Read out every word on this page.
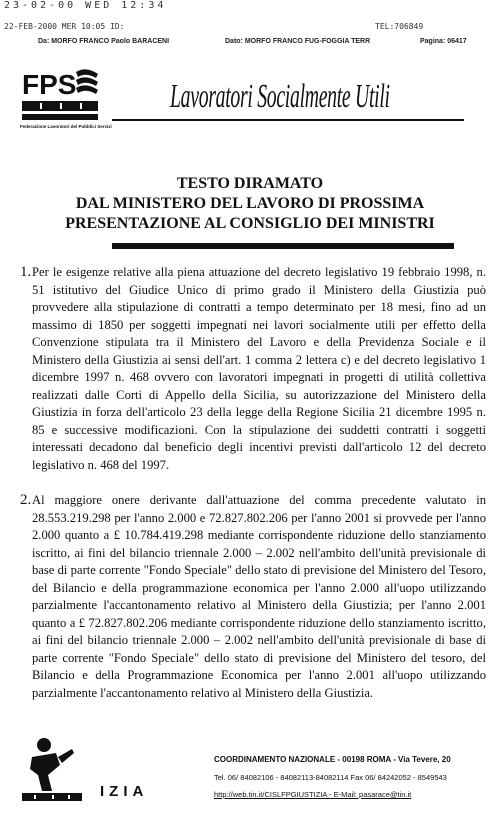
23-02-00 WED 12:34
22-FEB-2000 MER 10:05 ID:	TEL:706849
Da: MORFO FRANCO Paolo BARACENI	Dato: MORFO FRANCO FUG-FOGGIA TERR	Pagina: 06417
FPS
Federazione Lavoratori del Pubblici Servizi
Lavoratori Socialmente Utili
TESTO DIRAMATO
DAL MINISTERO DEL LAVORO DI PROSSIMA
PRESENTAZIONE AL CONSIGLIO DEI MINISTRI
1. Per le esigenze relative alla piena attuazione del decreto legislativo 19 febbraio 1998, n. 51 istitutivo del Giudice Unico di primo grado il Ministero della Giustizia può provvedere alla stipulazione di contratti a tempo determinato per 18 mesi, fino ad un massimo di 1850 per soggetti impegnati nei lavori socialmente utili per effetto della Convenzione stipulata tra il Ministero del Lavoro e della Previdenza Sociale e il Ministero della Giustizia ai sensi dell'art. 1 comma 2 lettera c) e del decreto legislativo 1 dicembre 1997 n. 468 ovvero con lavoratori impegnati in progetti di utilità collettiva realizzati dalle Corti di Appello della Sicilia, su autorizzazione del Ministero della Giustizia in forza dell'articolo 23 della legge della Regione Sicilia 21 dicembre 1995 n. 85 e successive modificazioni. Con la stipulazione dei suddetti contratti i soggetti interessati decadono dal beneficio degli incentivi previsti dall'articolo 12 del decreto legislativo n. 468 del 1997.
2. Al maggiore onere derivante dall'attuazione del comma precedente valutato in 28.553.219.298 per l'anno 2.000 e 72.827.802.206 per l'anno 2001 si provvede per l'anno 2.000 quanto a £ 10.784.419.298 mediante corrispondente riduzione dello stanziamento iscritto, ai fini del bilancio triennale 2.000 – 2.002 nell'ambito dell'unità previsionale di base di parte corrente "Fondo Speciale" dello stato di previsione del Ministero del Tesoro, del Bilancio e della programmazione economica per l'anno 2.000 all'uopo utilizzando parzialmente l'accantonamento relativo al Ministero della Giustizia; per l'anno 2.001 quanto a £ 72.827.802.206 mediante corrispondente riduzione dello stanziamento iscritto, ai fini del bilancio triennale 2.000 – 2.002 nell'ambito dell'unità previsionale di base di parte corrente "Fondo Speciale" dello stato di previsione del Ministero del tesoro, del Bilancio e della Programmazione Economica per l'anno 2.001 all'uopo utilizzando parzialmente l'accantonamento relativo al Ministero della Giustizia.
IZIA
COORDINAMENTO NAZIONALE - 00198 ROMA - Via Tevere, 20
Tel. 06/ 84082106 - 84082113-84082114 Fax 06/ 84242052 - 8549543
http://web.tin.it/CISLFPGIUSTIZIA - E-Mail: pasarace@tin.it
